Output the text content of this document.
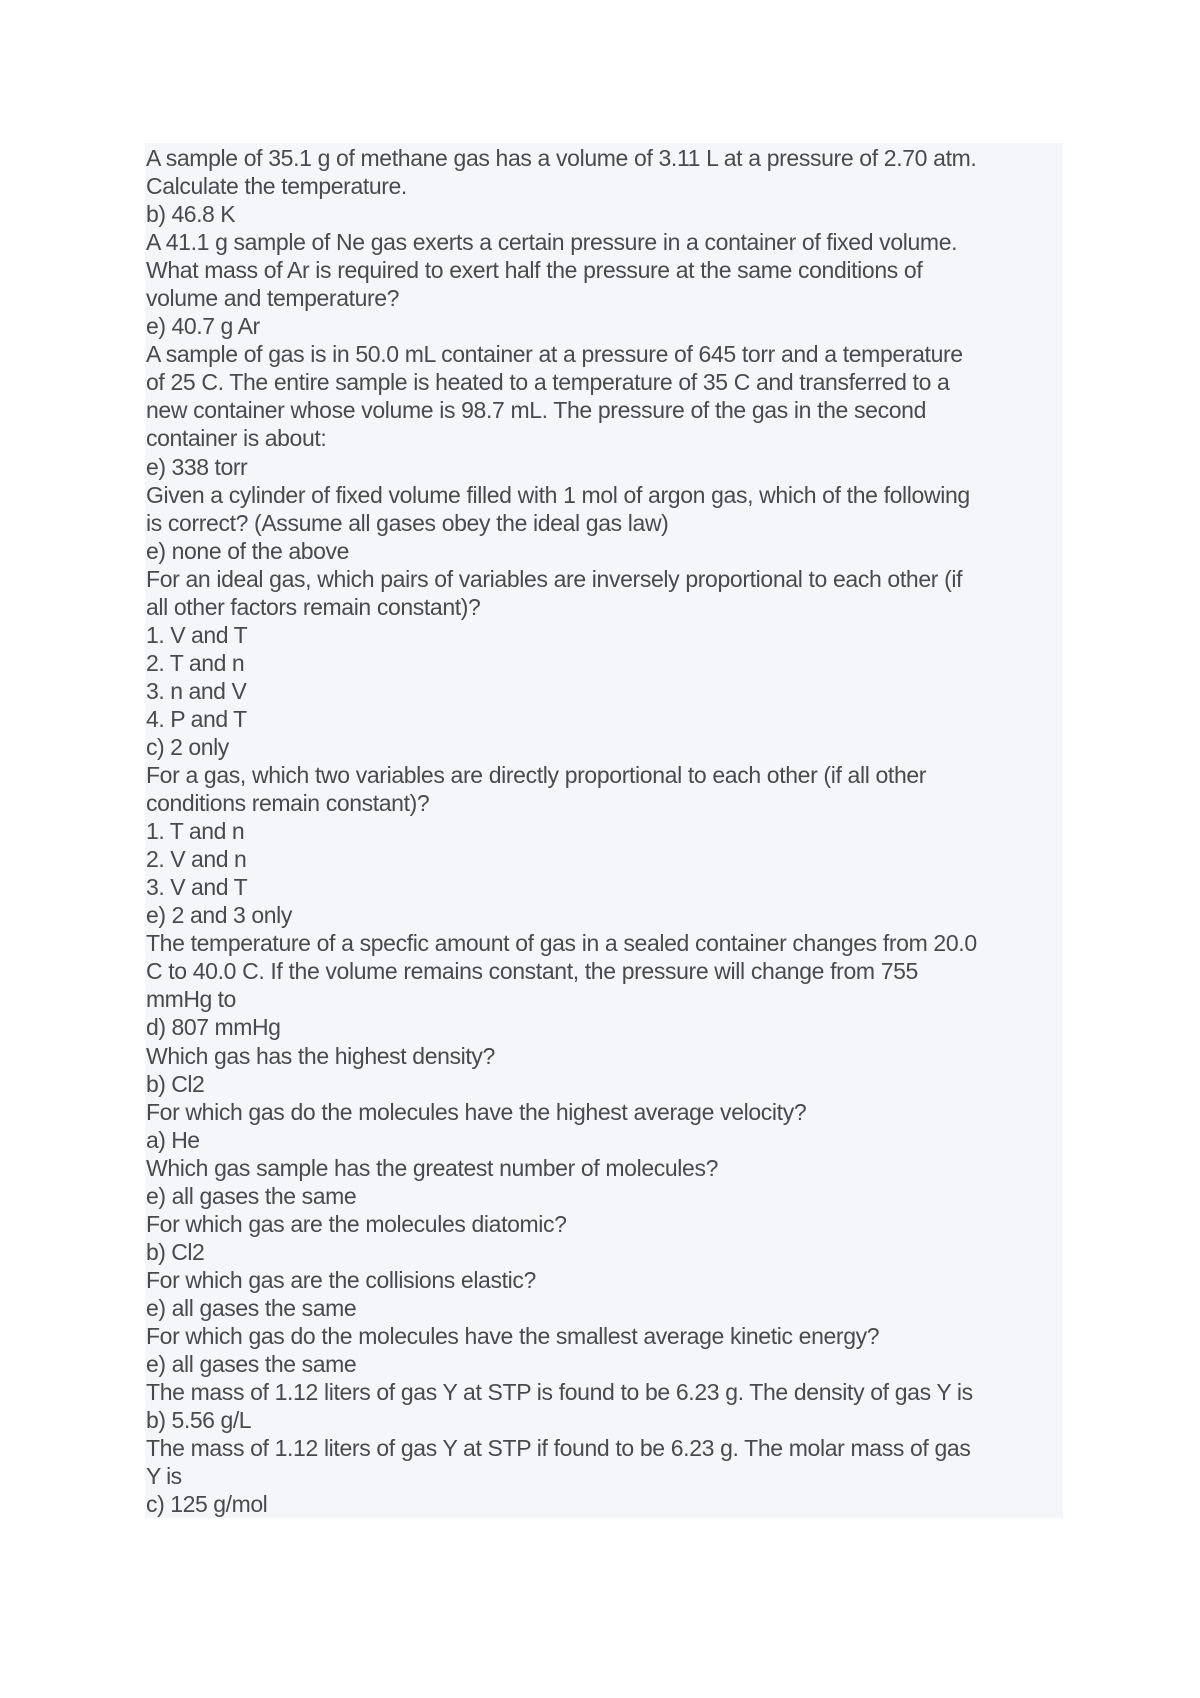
A sample of 35.1 g of methane gas has a volume of 3.11 L at a pressure of 2.70 atm.
Calculate the temperature.
b) 46.8 K
A 41.1 g sample of Ne gas exerts a certain pressure in a container of fixed volume.
What mass of Ar is required to exert half the pressure at the same conditions of
volume and temperature?
e) 40.7 g Ar
A sample of gas is in 50.0 mL container at a pressure of 645 torr and a temperature
of 25 C. The entire sample is heated to a temperature of 35 C and transferred to a
new container whose volume is 98.7 mL. The pressure of the gas in the second
container is about:
e) 338 torr
Given a cylinder of fixed volume filled with 1 mol of argon gas, which of the following
is correct? (Assume all gases obey the ideal gas law)
e) none of the above
For an ideal gas, which pairs of variables are inversely proportional to each other (if
all other factors remain constant)?
1. V and T
2. T and n
3. n and V
4. P and T
c) 2 only
For a gas, which two variables are directly proportional to each other (if all other
conditions remain constant)?
1. T and n
2. V and n
3. V and T
e) 2 and 3 only
The temperature of a specfic amount of gas in a sealed container changes from 20.0
C to 40.0 C. If the volume remains constant, the pressure will change from 755
mmHg to
d) 807 mmHg
Which gas has the highest density?
b) Cl2
For which gas do the molecules have the highest average velocity?
a) He
Which gas sample has the greatest number of molecules?
e) all gases the same
For which gas are the molecules diatomic?
b) Cl2
For which gas are the collisions elastic?
e) all gases the same
For which gas do the molecules have the smallest average kinetic energy?
e) all gases the same
The mass of 1.12 liters of gas Y at STP is found to be 6.23 g. The density of gas Y is
b) 5.56 g/L
The mass of 1.12 liters of gas Y at STP if found to be 6.23 g. The molar mass of gas
Y is
c) 125 g/mol
